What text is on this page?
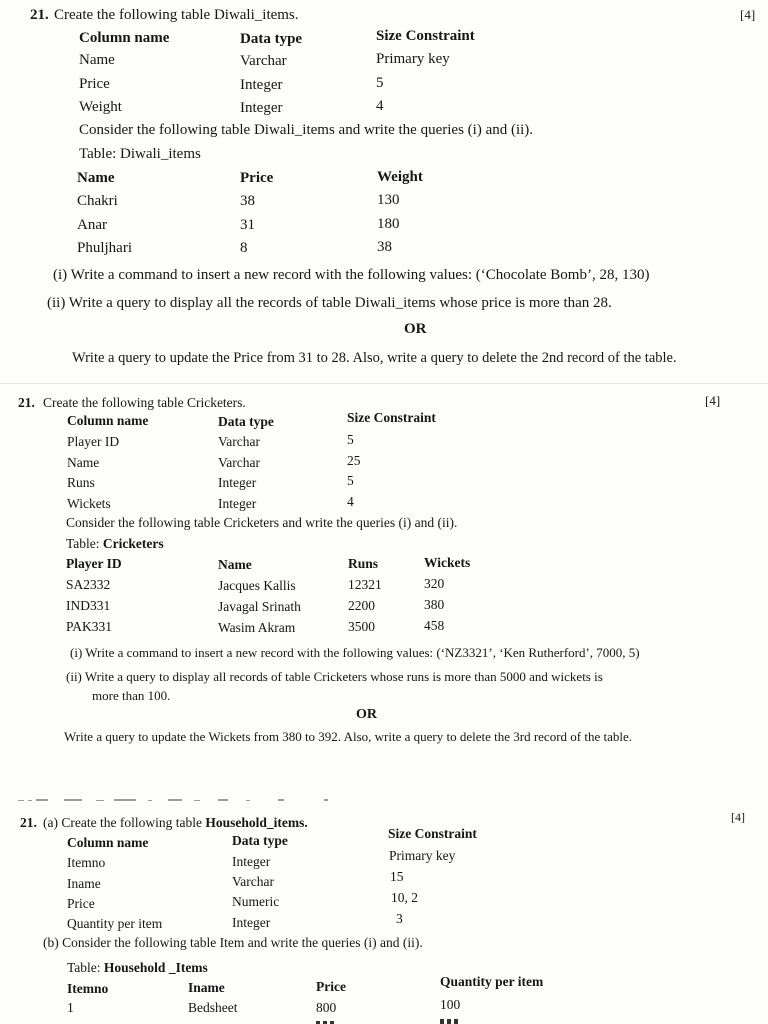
21. Create the following table Diwali_items.	[4]
Column name	Data type	Size Constraint
Name	Varchar	Primary key
Price	Integer	5
Weight	Integer	4
Consider the following table Diwali_items and write the queries (i) and (ii).
Table: Diwali_items
Name	Price	Weight
Chakri	38	130
Anar	31	180
Phuljhari	8	38
(i) Write a command to insert a new record with the following values: (‘Chocolate Bomb’, 28, 130)
(ii) Write a query to display all the records of table Diwali_items whose price is more than 28.
OR
Write a query to update the Price from 31 to 28. Also, write a query to delete the 2nd record of the table.
21. Create the following table Cricketers.	[4]
Column name	Data type	Size Constraint
Player ID	Varchar	5
Name	Varchar	25
Runs	Integer	5
Wickets	Integer	4
Consider the following table Cricketers and write the queries (i) and (ii).
Table: Cricketers
Player ID	Name	Runs	Wickets
SA2332	Jacques Kallis	12321	320
IND331	Javagal Srinath	2200	380
PAK331	Wasim Akram	3500	458
(i) Write a command to insert a new record with the following values: (‘NZ3321’, ‘Ken Rutherford’, 7000, 5)
(ii) Write a query to display all records of table Cricketers whose runs is more than 5000 and wickets is
more than 100.
OR
Write a query to update the Wickets from 380 to 392. Also, write a query to delete the 3rd record of the table.
21. (a) Create the following table Household_items.	[4]
Column name	Data type	Size Constraint
Itemno	Integer	Primary key
Iname	Varchar	15
Price	Numeric	10, 2
Quantity per item	Integer	3
(b) Consider the following table Item and write the queries (i) and (ii).
Table: Household _Items
Itemno	Iname	Price	Quantity per item
1	Bedsheet	800	100
